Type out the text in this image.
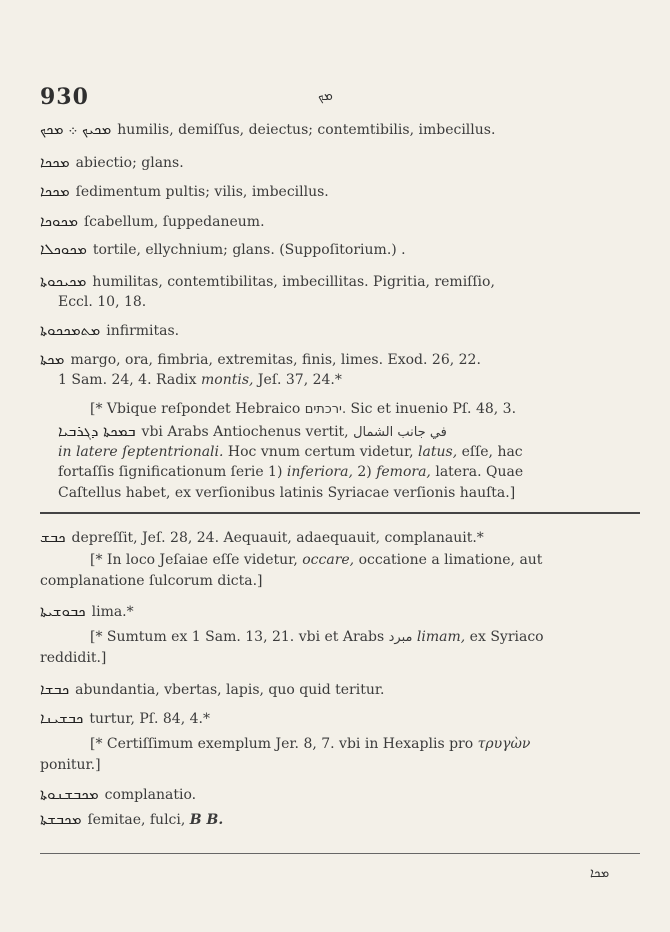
930	ܡܟ
ܡܟܝܟ ܀ ܡܟܟ humilis, demiſſus, deiectus; contemtibilis, imbecillus.
ܡܟܟܐ abiectio; glans.
ܡܟܟܐ ſedimentum pultis; vilis, imbecillus.
ܡܟܘܟܐ ſcabellum, ſuppedaneum.
ܡܟܘܟܠܐ tortile, ellychnium; glans. (Suppoſitorium.) .
ܡܟܝܟܘܬܐ humilitas, contemtibilitas, imbecillitas. Pigritia, remiſſio,
Eccl. 10, 18.
ܡܬܡܟܟܘܬܐ infirmitas.
ܡܟܬܐ margo, ora, fimbria, extremitas, finis, limes. Exod. 26, 22.
1 Sam. 24, 4. Radix montis, Jeſ. 37, 24.*
[* Vbique reſpondet Hebraico ירכתים. Sic et inuenio Pſ. 48, 3.
ܒܡܟܬܐ ܕܓܪܒܝܐ vbi Arabs Antiochenus vertit, في جانب الشمال
in latere ſeptentrionali. Hoc vnum certum videtur, latus, eſſe, hac
fortaſſis ſignificationum ſerie 1) inferiora, 2) femora, latera. Quae
Caſtellus habet, ex verſionibus latinis Syriacae verſionis hauſta.]
ܟܒܫ depreſſit, Jeſ. 28, 24. Aequauit, adaequauit, complanauit.*
[* In loco Jeſaiae eſſe videtur, occare, occatione a limatione, aut
complanatione ſulcorum dicta.]
ܟܒܘܫܝܬܐ lima.*
[* Sumtum ex 1 Sam. 13, 21. vbi et Arabs مبرد limam, ex Syriaco
reddidit.]
ܟܒܫܐ abundantia, vbertas, lapis, quo quid teritur.
ܟܒܫܝܢܐ turtur, Pſ. 84, 4.*
[* Certiſſimum exemplum Jer. 8, 7. vbi in Hexaplis pro τρυγὼν
ponitur.]
ܡܟܒܫܢܘܬܐ complanatio.
ܡܟܒܫܬܐ ſemitae, fulci, B B.
ܡܟܐ
